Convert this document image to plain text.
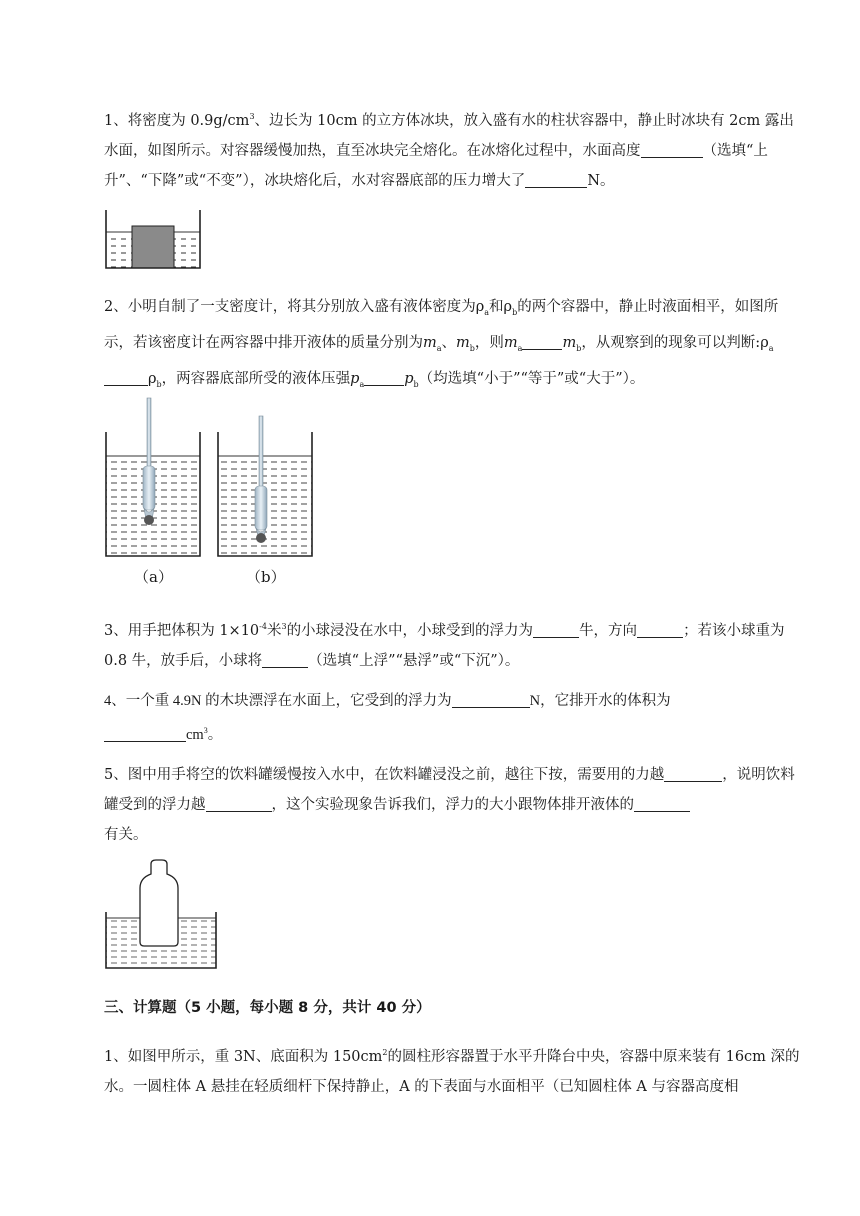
1、将密度为 $0.9g/cm^3$、边长为 10cm 的立方体冰块，放入盛有水的柱状容器中，静止时冰块有 2cm 露出水面，如图所示。对容器缓慢加热，直至冰块完全熔化。在冰熔化过程中，水面高度	（选填“上升”、“下降”或“不变”），冰块熔化后，水对容器底部的压力增大了	N。

2、小明自制了一支密度计，将其分别放入盛有液体密度为$\rho_a$和$\rho_b$的两个容器中，静止时液面相平，如图所示，若该密度计在两容器中排开液体的质量分别为$m_a$、$m_b$，则$m_a$	$m_b$，从观察到的现象可以判断$:\rho_a\rho_b$，两容器底部所受的液体压强$p_a$	$p_b$（均选填“小于”“等于”或“大于”）。

（a）	（b）

3、用手把体积为 $1\times 10^{-4}$米$^3$的小球浸没在水中，小球受到的浮力为	牛，方向	；若该小球重为 0.8 牛，放手后，小球将	（选填“上浮”“悬浮”或“下沉”）。

4、一个重 4.9N 的木块漂浮在水面上，它受到的浮力为	N，它排开水的体积为
$cm^3$。

5、图中用手将空的饮料罐缓慢按入水中，在饮料罐浸没之前，越往下按，需要用的力越	，说明饮料罐受到的浮力越	，这个实验现象告诉我们，浮力的大小跟物体排开液体的
有关。

三、计算题（5 小题，每小题 8 分，共计 40 分）

1、如图甲所示，重 3N、底面积为 $150cm^2$的圆柱形容器置于水平升降台中央，容器中原来装有 16cm 深的水。一圆柱体 A 悬挂在轻质细杆下保持静止，A 的下表面与水面相平（已知圆柱体 A 与容器高度相
